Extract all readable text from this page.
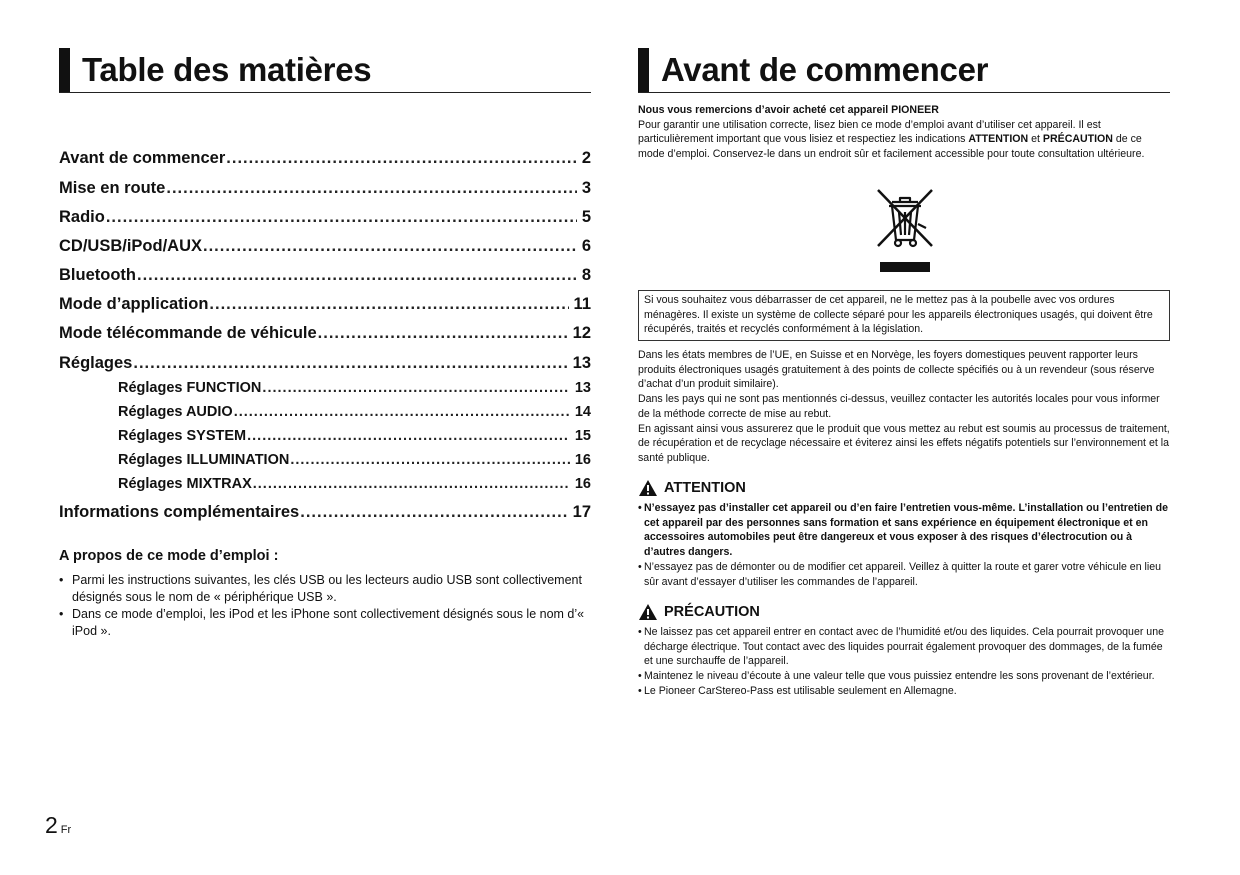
Table des matières
Avant de commencer .....	2
Mise en route .....	3
Radio .....	5
CD/USB/iPod/AUX .....	6
Bluetooth .....	8
Mode d’application .....	11
Mode télécommande de véhicule .....	12
Réglages .....	13
Réglages FUNCTION .....	13
Réglages AUDIO .....	14
Réglages SYSTEM .....	15
Réglages ILLUMINATION .....	16
Réglages MIXTRAX .....	16
Informations complémentaires .....	17
A propos de ce mode d’emploi :
• Parmi les instructions suivantes, les clés USB ou les lecteurs audio USB sont collectivement désignés sous le nom de « périphérique USB ».
• Dans ce mode d’emploi, les iPod et les iPhone sont collectivement désignés sous le nom d’« iPod ».
Avant de commencer
Nous vous remercions d’avoir acheté cet appareil PIONEER
Pour garantir une utilisation correcte, lisez bien ce mode d’emploi avant d’utiliser cet appareil. Il est particulièrement important que vous lisiez et respectiez les indications ATTENTION et PRÉCAUTION de ce mode d’emploi. Conservez-le dans un endroit sûr et facilement accessible pour toute consultation ultérieure.
Si vous souhaitez vous débarrasser de cet appareil, ne le mettez pas à la poubelle avec vos ordures ménagères. Il existe un système de collecte séparé pour les appareils électroniques usagés, qui doivent être récupérés, traités et recyclés conformément à la législation.

Dans les états membres de l’UE, en Suisse et en Norvège, les foyers domestiques peuvent rapporter leurs produits électroniques usagés gratuitement à des points de collecte spécifiés ou à un revendeur (sous réserve d’achat d’un produit similaire).

Dans les pays qui ne sont pas mentionnés ci-dessus, veuillez contacter les autorités locales pour vous informer de la méthode correcte de mise au rebut.

En agissant ainsi vous assurerez que le produit que vous mettez au rebut est soumis au processus de traitement, de récupération et de recyclage nécessaire et éviterez ainsi les effets négatifs potentiels sur l’environnement et la santé publique.

ATTENTION
• N’essayez pas d’installer cet appareil ou d’en faire l’entretien vous-même. L’installation ou l’entretien de cet appareil par des personnes sans formation et sans expérience en équipement électronique et en accessoires automobiles peut être dangereux et vous exposer à des risques d’électrocution ou à d’autres dangers.
• N’essayez pas de démonter ou de modifier cet appareil. Veillez à quitter la route et garer votre véhicule en lieu sûr avant d’essayer d’utiliser les commandes de l’appareil.
PRÉCAUTION
• Ne laissez pas cet appareil entrer en contact avec de l’humidité et/ou des liquides. Cela pourrait provoquer une décharge électrique. Tout contact avec des liquides pourrait également provoquer des dommages, de la fumée et une surchauffe de l’appareil.
• Maintenez le niveau d’écoute à une valeur telle que vous puissiez entendre les sons provenant de l’extérieur.
• Le Pioneer CarStereo-Pass est utilisable seulement en Allemagne.
2 Fr
